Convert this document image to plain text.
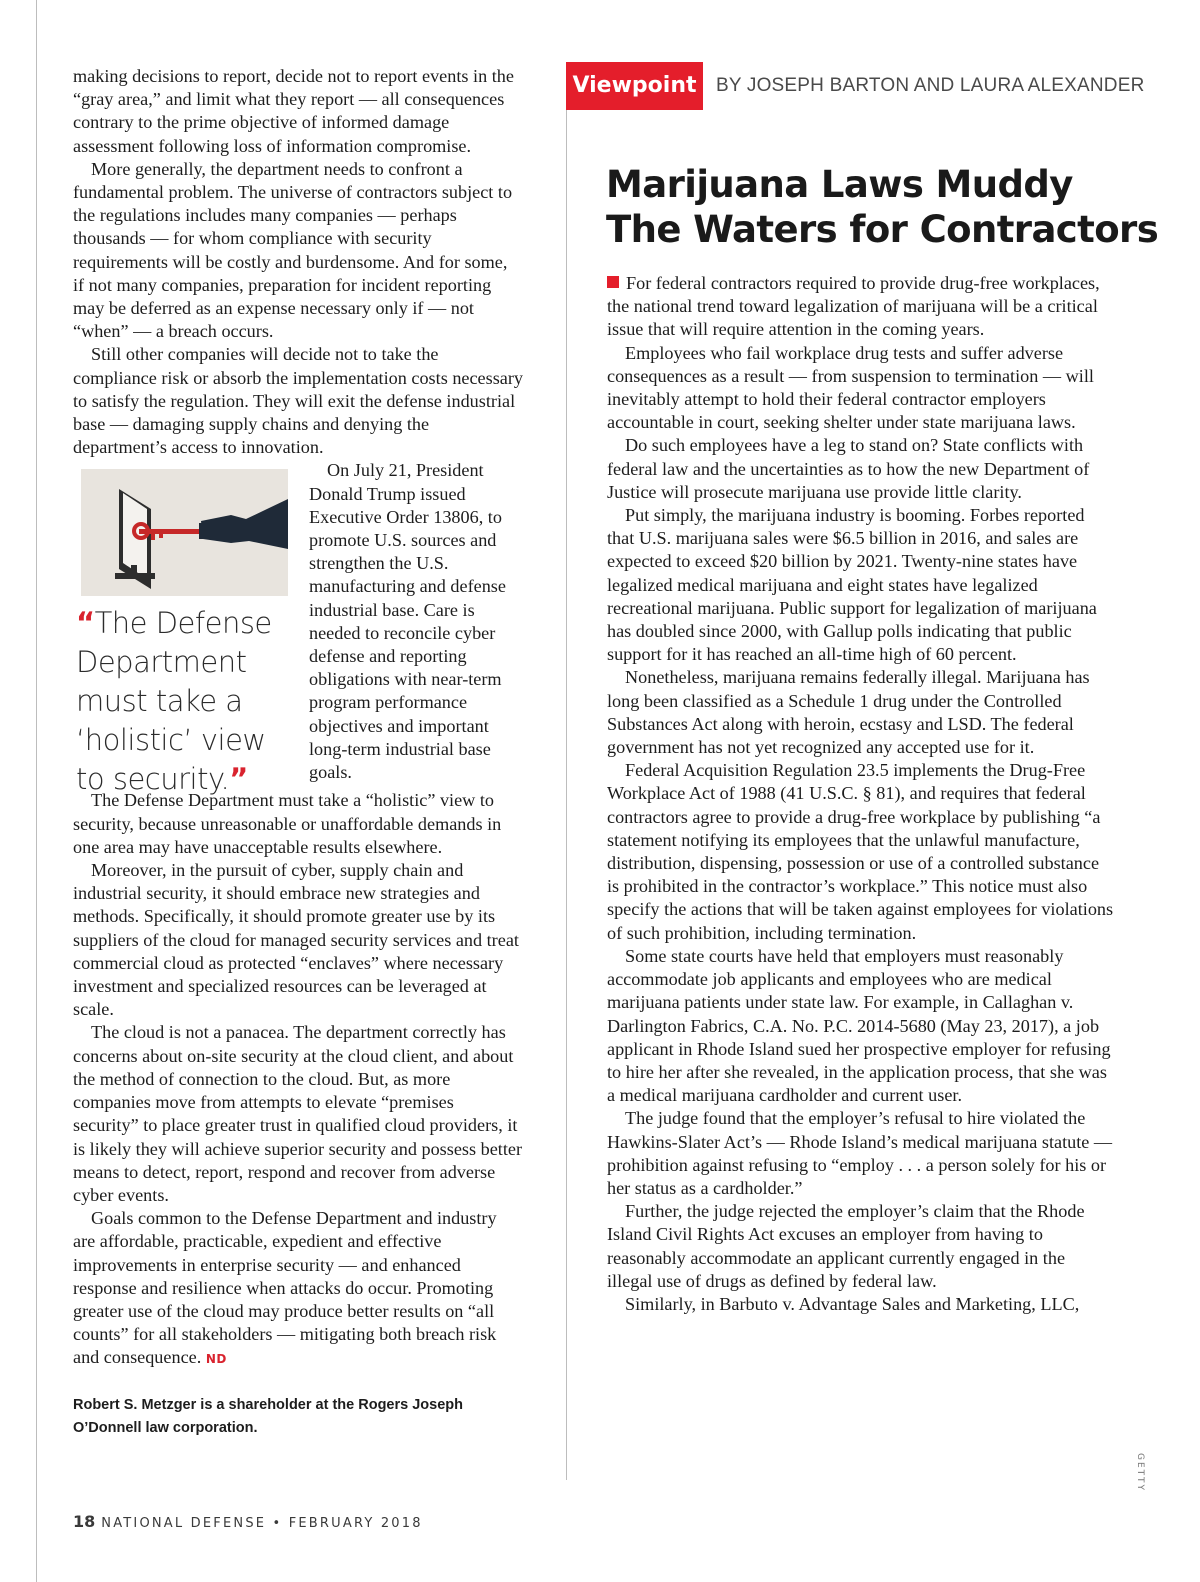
making decisions to report, decide not to report events in the “gray area,” and limit what they report — all consequences contrary to the prime objective of informed damage assessment following loss of information compromise.

More generally, the department needs to confront a fundamental problem. The universe of contractors subject to the regulations includes many companies — perhaps thousands — for whom compliance with security requirements will be costly and burdensome. And for some, if not many companies, preparation for incident reporting may be deferred as an expense necessary only if — not “when” — a breach occurs.

Still other companies will decide not to take the compliance risk or absorb the implementation costs necessary to satisfy the regulation. They will exit the defense industrial base — damaging supply chains and denying the department’s access to innovation.

“The Defense Department must take a ‘holistic’ view to security.”

On July 21, President Donald Trump issued Executive Order 13806, to promote U.S. sources and strengthen the U.S. manufacturing and defense industrial base. Care is needed to reconcile cyber defense and reporting obligations with near-term program performance objectives and important long-term industrial base goals.

The Defense Department must take a “holistic” view to security, because unreasonable or unaffordable demands in one area may have unacceptable results elsewhere.

Moreover, in the pursuit of cyber, supply chain and industrial security, it should embrace new strategies and methods. Specifically, it should promote greater use by its suppliers of the cloud for managed security services and treat commercial cloud as protected “enclaves” where necessary investment and specialized resources can be leveraged at scale.

The cloud is not a panacea. The department correctly has concerns about on-site security at the cloud client, and about the method of connection to the cloud. But, as more companies move from attempts to elevate “premises security” to place greater trust in qualified cloud providers, it is likely they will achieve superior security and possess better means to detect, report, respond and recover from adverse cyber events.

Goals common to the Defense Department and industry are affordable, practicable, expedient and effective improvements in enterprise security — and enhanced response and resilience when attacks do occur. Promoting greater use of the cloud may produce better results on “all counts” for all stakeholders — mitigating both breach risk and consequence. ND

Robert S. Metzger is a shareholder at the Rogers Joseph O’Donnell law corporation.

Viewpoint	BY JOSEPH BARTON AND LAURA ALEXANDER
Marijuana Laws Muddy
The Waters for Contractors

For federal contractors required to provide drug-free workplaces, the national trend toward legalization of marijuana will be a critical issue that will require attention in the coming years.

Employees who fail workplace drug tests and suffer adverse consequences as a result — from suspension to termination — will inevitably attempt to hold their federal contractor employers accountable in court, seeking shelter under state marijuana laws.

Do such employees have a leg to stand on? State conflicts with federal law and the uncertainties as to how the new Department of Justice will prosecute marijuana use provide little clarity.

Put simply, the marijuana industry is booming. Forbes reported that U.S. marijuana sales were $6.5 billion in 2016, and sales are expected to exceed $20 billion by 2021. Twenty-nine states have legalized medical marijuana and eight states have legalized recreational marijuana. Public support for legalization of marijuana has doubled since 2000, with Gallup polls indicating that public support for it has reached an all-time high of 60 percent.

Nonetheless, marijuana remains federally illegal. Marijuana has long been classified as a Schedule 1 drug under the Controlled Substances Act along with heroin, ecstasy and LSD. The federal government has not yet recognized any accepted use for it.

Federal Acquisition Regulation 23.5 implements the Drug-Free Workplace Act of 1988 (41 U.S.C. § 81), and requires that federal contractors agree to provide a drug-free workplace by publishing “a statement notifying its employees that the unlawful manufacture, distribution, dispensing, possession or use of a controlled substance is prohibited in the contractor’s workplace.” This notice must also specify the actions that will be taken against employees for violations of such prohibition, including termination.

Some state courts have held that employers must reasonably accommodate job applicants and employees who are medical marijuana patients under state law. For example, in Callaghan v. Darlington Fabrics, C.A. No. P.C. 2014-5680 (May 23, 2017), a job applicant in Rhode Island sued her prospective employer for refusing to hire her after she revealed, in the application process, that she was a medical marijuana cardholder and current user.

The judge found that the employer’s refusal to hire violated the Hawkins-Slater Act’s — Rhode Island’s medical marijuana statute — prohibition against refusing to “employ . . . a person solely for his or her status as a cardholder.”

Further, the judge rejected the employer’s claim that the Rhode Island Civil Rights Act excuses an employer from having to reasonably accommodate an applicant currently engaged in the illegal use of drugs as defined by federal law.

Similarly, in Barbuto v. Advantage Sales and Marketing, LLC,

GETTY
18 NATIONAL DEFENSE • FEBRUARY 2018
